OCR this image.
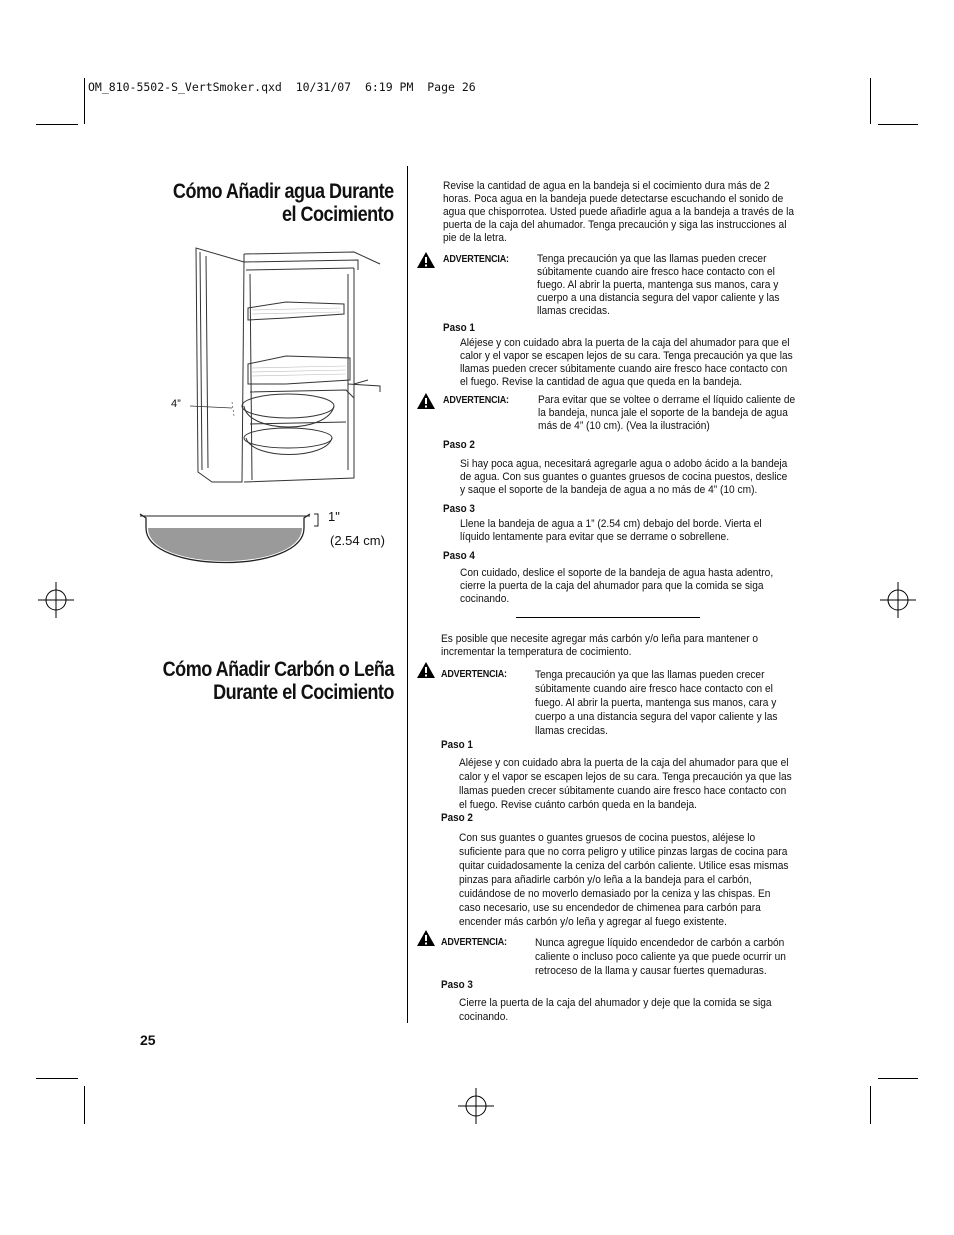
OM_810-5502-S_VertSmoker.qxd  10/31/07  6:19 PM  Page 26
Cómo Añadir agua Durante
el Cocimiento
4”
1"
(2.54 cm)
Cómo Añadir Carbón o Leña
Durante el Cocimiento
Revise la cantidad de agua en la bandeja si el cocimiento dura más de 2
horas. Poca agua en la bandeja puede detectarse escuchando el sonido de
agua que chisporrotea. Usted puede añadirle agua a la bandeja a través de la
puerta de la caja del ahumador. Tenga precaución y siga las instrucciones al
pie de la letra.
ADVERTENCIA: Tenga precaución ya que las llamas pueden crecer
súbitamente cuando aire fresco hace contacto con el
fuego. Al abrir la puerta, mantenga sus manos, cara y
cuerpo a una distancia segura del vapor caliente y las
llamas crecidas.
Paso 1
Aléjese y con cuidado abra la puerta de la caja del ahumador para que el
calor y el vapor se escapen lejos de su cara. Tenga precaución ya que las
llamas pueden crecer súbitamente cuando aire fresco hace contacto con
el fuego. Revise la cantidad de agua que queda en la bandeja.
ADVERTENCIA:	Para evitar que se voltee o derrame el líquido caliente de
la bandeja, nunca jale el soporte de la bandeja de agua
más de 4” (10 cm). (Vea la ilustración)
Paso 2
Si hay poca agua, necesitará agregarle agua o adobo ácido a la bandeja
de agua. Con sus guantes o guantes gruesos de cocina puestos, deslice
y saque el soporte de la bandeja de agua a no más de 4” (10 cm).
Paso 3
Llene la bandeja de agua a 1” (2.54 cm) debajo del borde. Vierta el
líquido lentamente para evitar que se derrame o sobrellene.
Paso 4
Con cuidado, deslice el soporte de la bandeja de agua hasta adentro,
cierre la puerta de la caja del ahumador para que la comida se siga
cocinando.
Es posible que necesite agregar más carbón y/o leña para mantener o
incrementar la temperatura de cocimiento.
ADVERTENCIA: Tenga precaución ya que las llamas pueden crecer
súbitamente cuando aire fresco hace contacto con el
fuego. Al abrir la puerta, mantenga sus manos, cara y
cuerpo a una distancia segura del vapor caliente y las
llamas crecidas.
Paso 1
Aléjese y con cuidado abra la puerta de la caja del ahumador para que el
calor y el vapor se escapen lejos de su cara. Tenga precaución ya que las
llamas pueden crecer súbitamente cuando aire fresco hace contacto con
el fuego. Revise cuánto carbón queda en la bandeja.
Paso 2
Con sus guantes o guantes gruesos de cocina puestos, aléjese lo
suficiente para que no corra peligro y utilice pinzas largas de cocina para
quitar cuidadosamente la ceniza del carbón caliente. Utilice esas mismas
pinzas para añadirle carbón y/o leña a la bandeja para el carbón,
cuidándose de no moverlo demasiado por la ceniza y las chispas. En
caso necesario, use su encendedor de chimenea para carbón para
encender más carbón y/o leña y agregar al fuego existente.
ADVERTENCIA: Nunca agregue líquido encendedor de carbón a carbón
caliente o incluso poco caliente ya que puede ocurrir un
retroceso de la llama y causar fuertes quemaduras.
Paso 3
Cierre la puerta de la caja del ahumador y deje que la comida se siga
cocinando.
25
